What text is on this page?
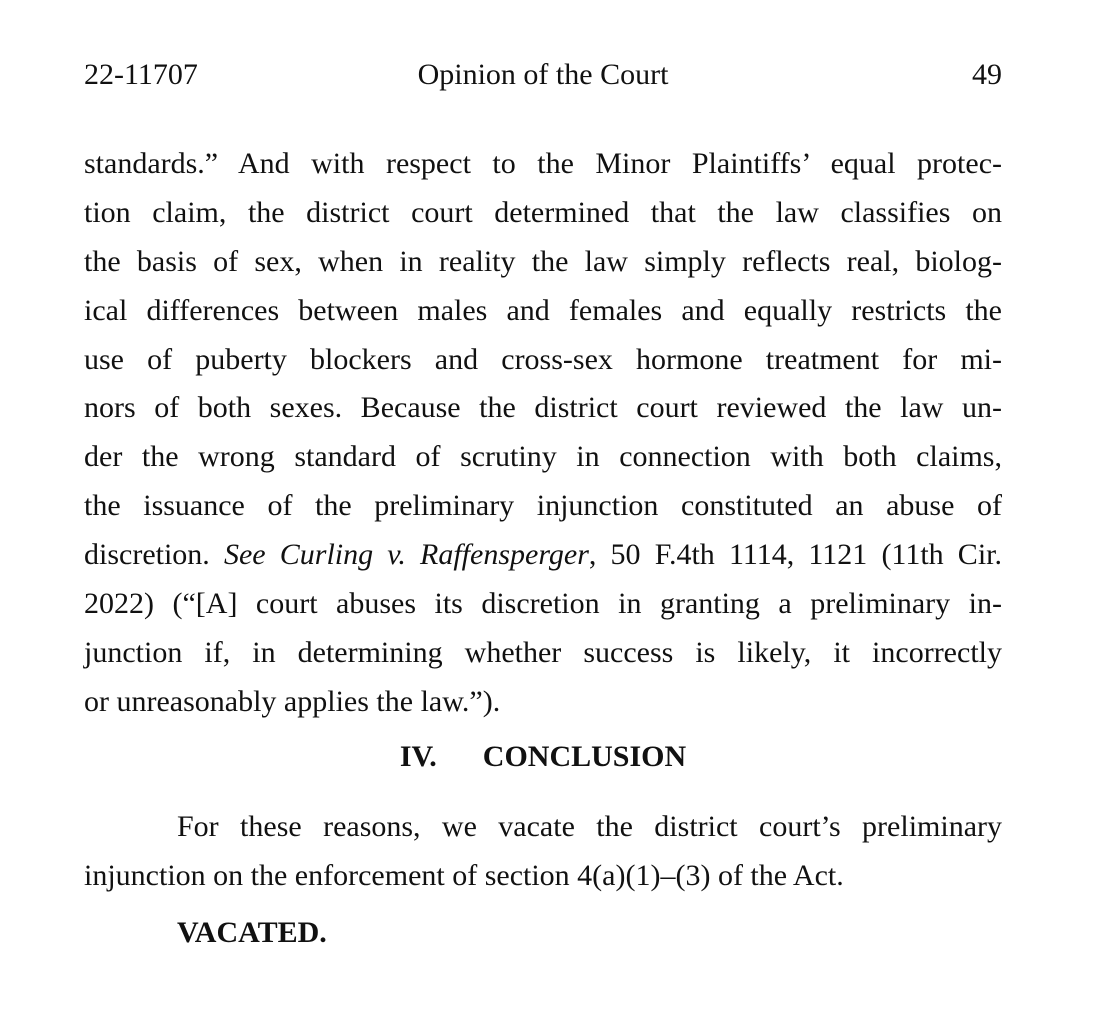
22-11707	Opinion of the Court	49
standards.” And with respect to the Minor Plaintiffs’ equal protec-
tion claim, the district court determined that the law classifies on
the basis of sex, when in reality the law simply reflects real, biolog-
ical differences between males and females and equally restricts the
use of puberty blockers and cross-sex hormone treatment for mi-
nors of both sexes. Because the district court reviewed the law un-
der the wrong standard of scrutiny in connection with both claims,
the issuance of the preliminary injunction constituted an abuse of
discretion. See Curling v. Raffensperger, 50 F.4th 1114, 1121 (11th Cir.
2022) (“[A] court abuses its discretion in granting a preliminary in-
junction if, in determining whether success is likely, it incorrectly
or unreasonably applies the law.”).
IV. CONCLUSION
For these reasons, we vacate the district court’s preliminary
injunction on the enforcement of section 4(a)(1)–(3) of the Act.
VACATED.
